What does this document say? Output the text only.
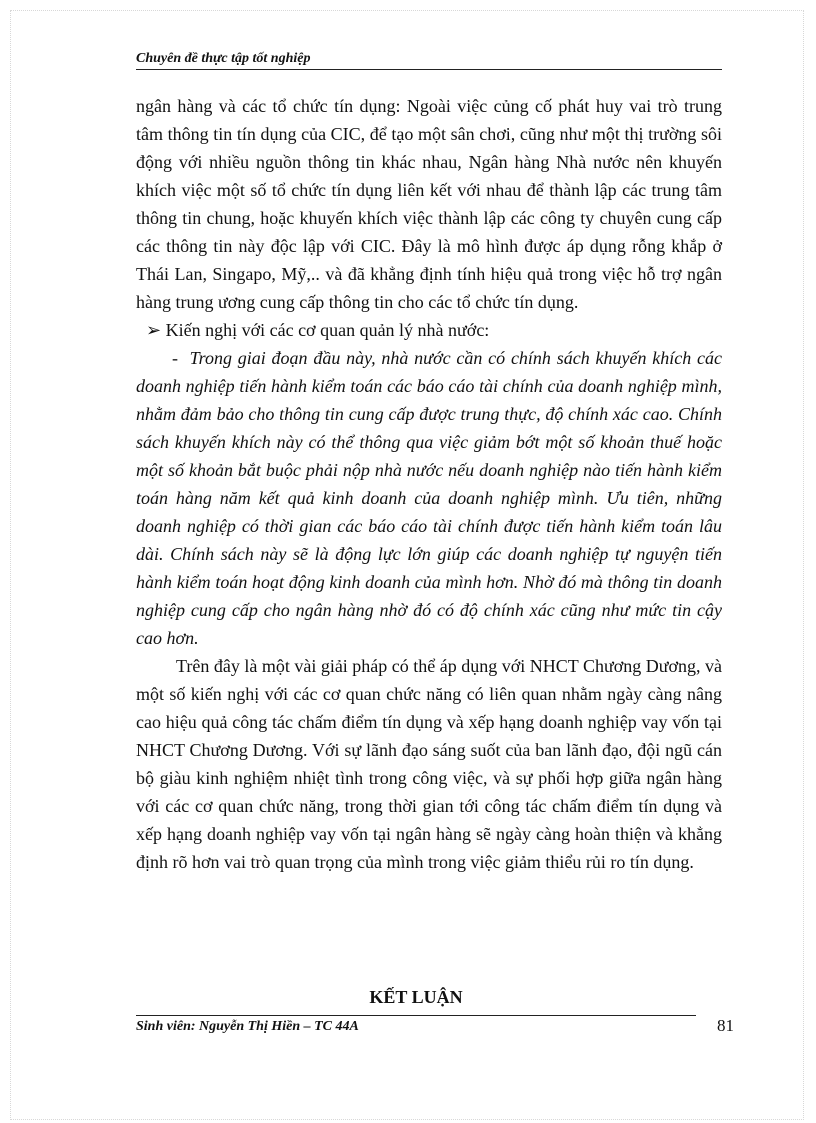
Chuyên đề thực tập tốt nghiệp

ngân hàng và các tổ chức tín dụng: Ngoài việc củng cố phát huy vai trò trung tâm thông tin tín dụng của CIC, để tạo một sân chơi, cũng như một thị trường sôi động với nhiều nguồn thông tin khác nhau, Ngân hàng Nhà nước nên khuyến khích việc một số tổ chức tín dụng liên kết với nhau để thành lập các trung tâm thông tin chung, hoặc khuyến khích việc thành lập các công ty chuyên cung cấp các thông tin này độc lập với CIC. Đây là mô hình được áp dụng rỗng khắp ở Thái Lan, Singapo, Mỹ,.. và đã khẳng định tính hiệu quả trong việc hỗ trợ ngân hàng trung ương cung cấp thông tin cho các tổ chức tín dụng.

➢ Kiến nghị với các cơ quan quản lý nhà nước:

- Trong giai đoạn đầu này, nhà nước cần có chính sách khuyến khích các doanh nghiệp tiến hành kiểm toán các báo cáo tài chính của doanh nghiệp mình, nhằm đảm bảo cho thông tin cung cấp được trung thực, độ chính xác cao. Chính sách khuyến khích này có thể thông qua việc giảm bớt một số khoản thuế hoặc một số khoản bắt buộc phải nộp nhà nước nếu doanh nghiệp nào tiến hành kiểm toán hàng năm kết quả kinh doanh của doanh nghiệp mình. Ưu tiên, những doanh nghiệp có thời gian các báo cáo tài chính được tiến hành kiểm toán lâu dài. Chính sách này sẽ là động lực lớn giúp các doanh nghiệp tự nguyện tiến hành kiểm toán hoạt động kinh doanh của mình hơn. Nhờ đó mà thông tin doanh nghiệp cung cấp cho ngân hàng nhờ đó có độ chính xác cũng như mức tin cậy cao hơn.

Trên đây là một vài giải pháp có thể áp dụng với NHCT Chương Dương, và một số kiến nghị với các cơ quan chức năng có liên quan nhằm ngày càng nâng cao hiệu quả công tác chấm điểm tín dụng và xếp hạng doanh nghiệp vay vốn tại NHCT Chương Dương. Với sự lãnh đạo sáng suốt của ban lãnh đạo, đội ngũ cán bộ giàu kinh nghiệm nhiệt tình trong công việc, và sự phối hợp giữa ngân hàng với các cơ quan chức năng, trong thời gian tới công tác chấm điểm tín dụng và xếp hạng doanh nghiệp vay vốn tại ngân hàng sẽ ngày càng hoàn thiện và khẳng định rõ hơn vai trò quan trọng của mình trong việc giảm thiểu rủi ro tín dụng.

KẾT LUẬN
Sinh viên: Nguyễn Thị Hiền – TC 44A	81
